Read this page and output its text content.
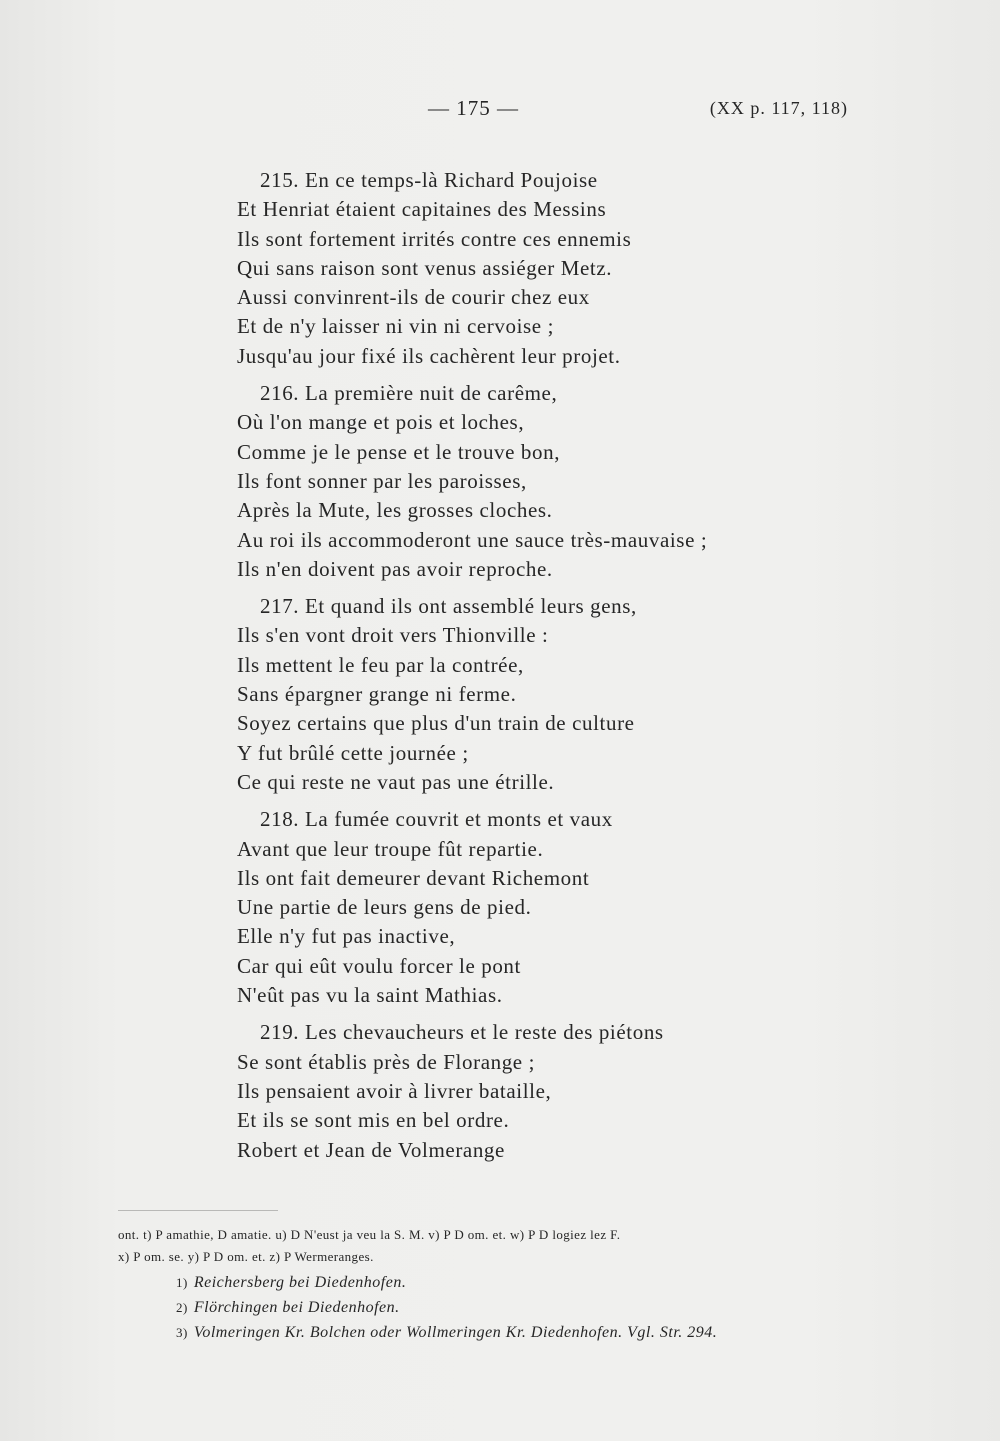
— 175 —	(XX p. 117, 118)
215. En ce temps-là Richard Poujoise
Et Henriat étaient capitaines des Messins
Ils sont fortement irrités contre ces ennemis
Qui sans raison sont venus assiéger Metz.
Aussi convinrent-ils de courir chez eux
Et de n'y laisser ni vin ni cervoise ;
Jusqu'au jour fixé ils cachèrent leur projet.
216. La première nuit de carême,
Où l'on mange et pois et loches,
Comme je le pense et le trouve bon,
Ils font sonner par les paroisses,
Après la Mute, les grosses cloches.
Au roi ils accommoderont une sauce très-mauvaise ;
Ils n'en doivent pas avoir reproche.
217. Et quand ils ont assemblé leurs gens,
Ils s'en vont droit vers Thionville :
Ils mettent le feu par la contrée,
Sans épargner grange ni ferme.
Soyez certains que plus d'un train de culture
Y fut brûlé cette journée ;
Ce qui reste ne vaut pas une étrille.
218. La fumée couvrit et monts et vaux
Avant que leur troupe fût repartie.
Ils ont fait demeurer devant Richemont
Une partie de leurs gens de pied.
Elle n'y fut pas inactive,
Car qui eût voulu forcer le pont
N'eût pas vu la saint Mathias.
219. Les chevaucheurs et le reste des piétons
Se sont établis près de Florange ;
Ils pensaient avoir à livrer bataille,
Et ils se sont mis en bel ordre.
Robert et Jean de Volmerange
ont. t) P amathie, D amatie. u) D N'eust ja veu la S. M. v) P D om. et. w) P D logiez lez F.
x) P om. se. y) P D om. et. z) P Wermeranges.
1) Reichersberg bei Diedenhofen.
2) Flörchingen bei Diedenhofen.
3) Volmeringen Kr. Bolchen oder Wollmeringen Kr. Diedenhofen. Vgl. Str. 294.
